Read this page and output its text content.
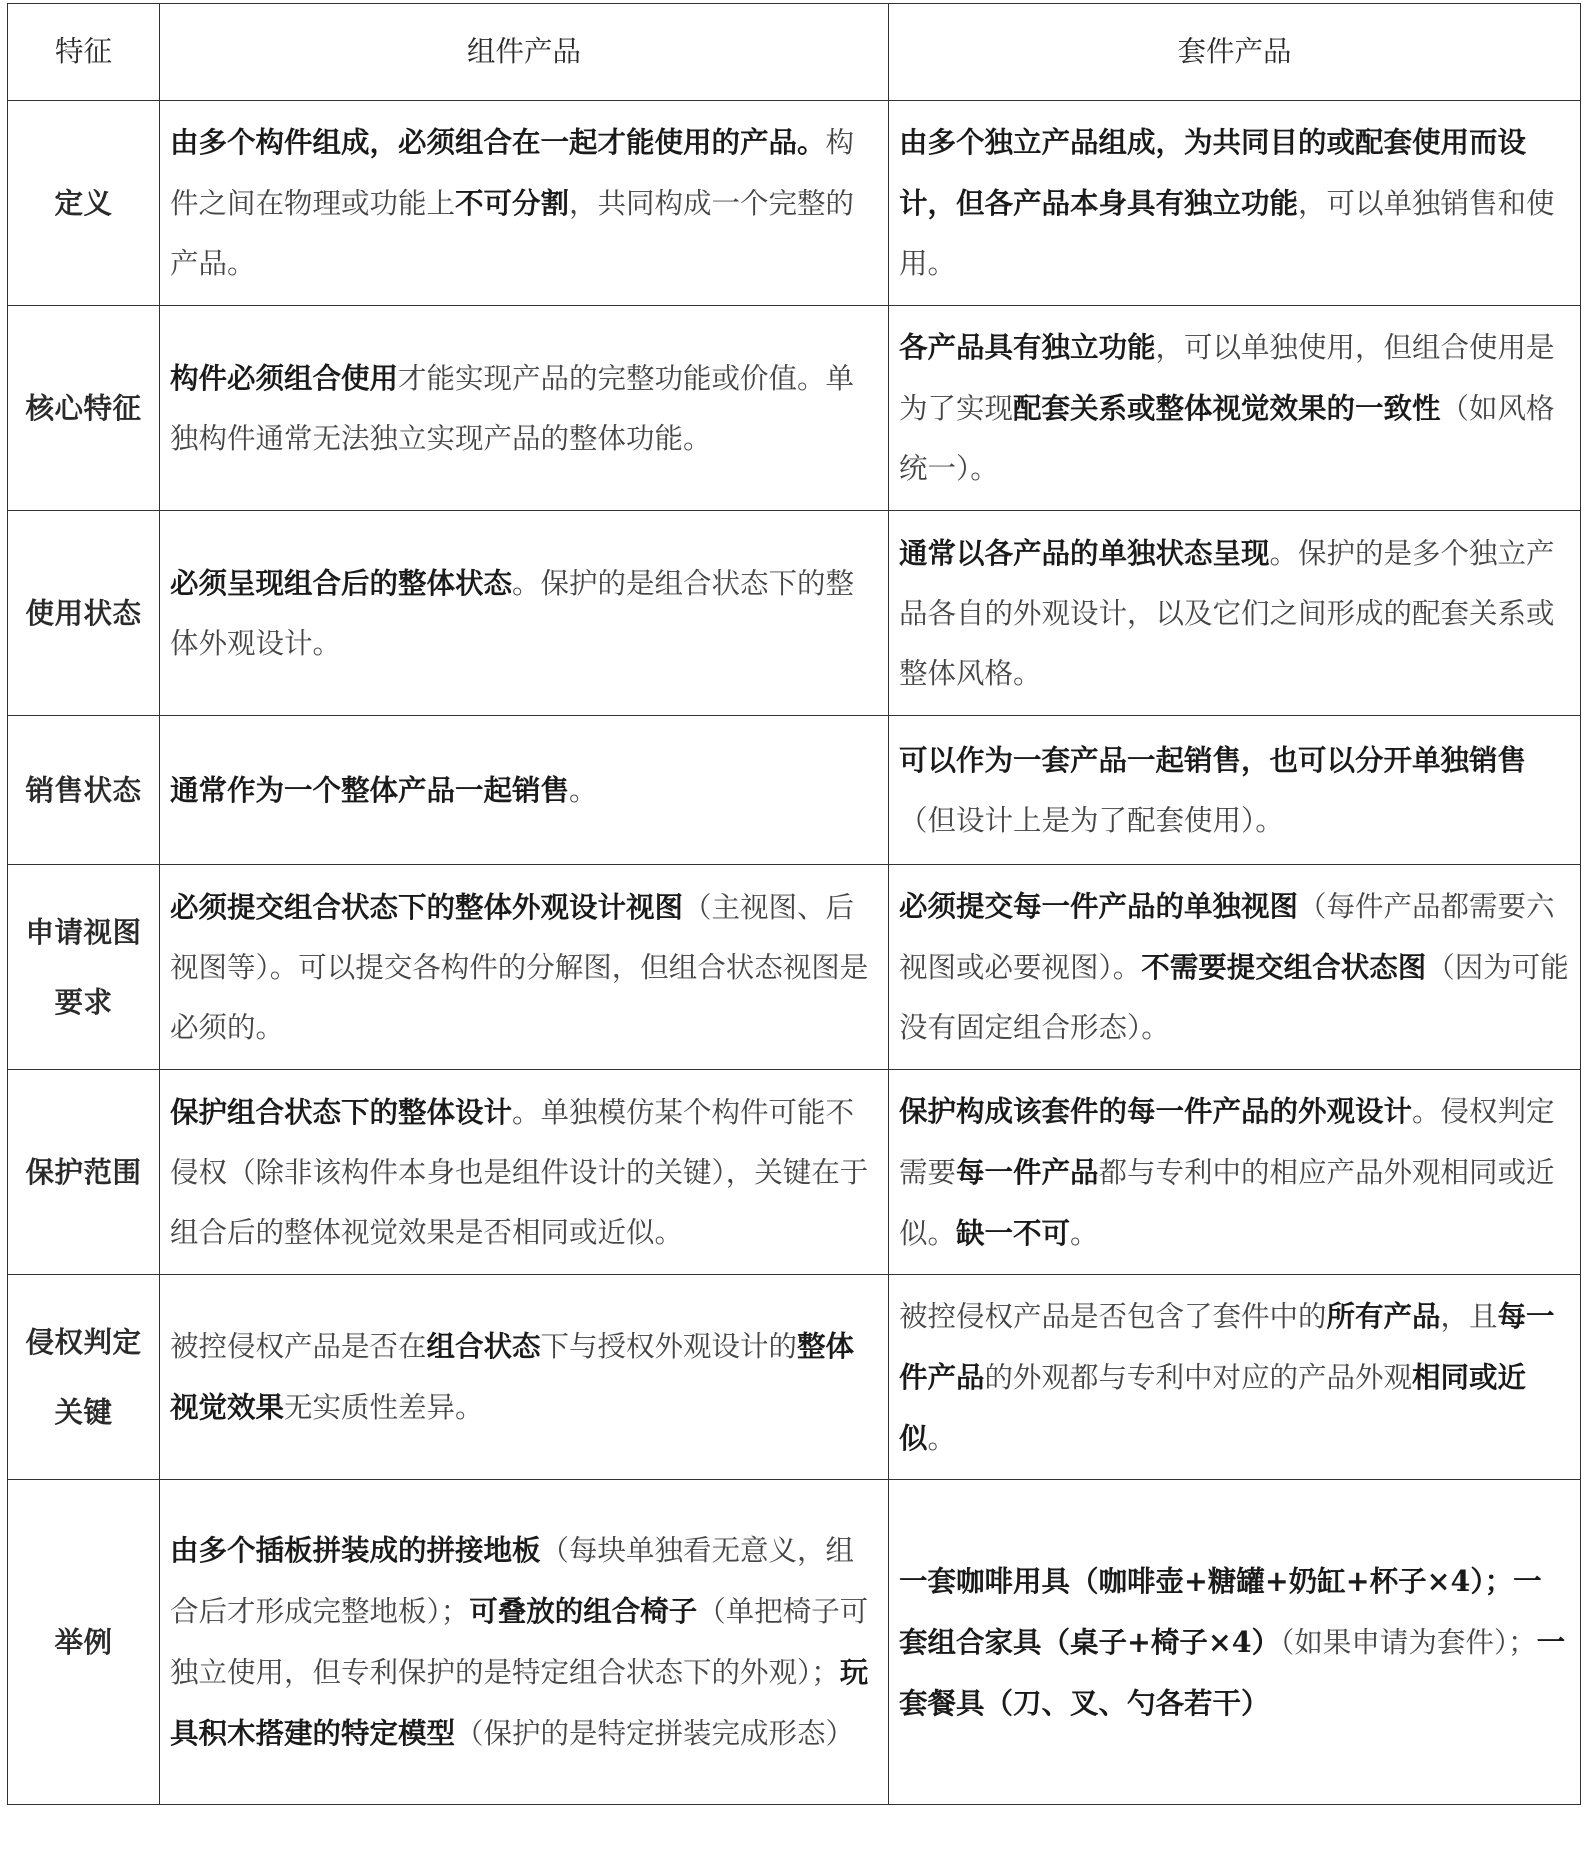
特征	组件产品	套件产品
定义	由多个构件组成，必须组合在一起才能使用的产品。构件之间在物理或功能上不可分割，共同构成一个完整的产品。	由多个独立产品组成，为共同目的或配套使用而设计，但各产品本身具有独立功能，可以单独销售和使用。
核心特征	构件必须组合使用才能实现产品的完整功能或价值。单独构件通常无法独立实现产品的整体功能。	各产品具有独立功能，可以单独使用，但组合使用是为了实现配套关系或整体视觉效果的一致性（如风格统一）。
使用状态	必须呈现组合后的整体状态。保护的是组合状态下的整体外观设计。	通常以各产品的单独状态呈现。保护的是多个独立产品各自的外观设计，以及它们之间形成的配套关系或整体风格。
销售状态	通常作为一个整体产品一起销售。	可以作为一套产品一起销售，也可以分开单独销售（但设计上是为了配套使用）。
申请视图要求	必须提交组合状态下的整体外观设计视图（主视图、后视图等）。可以提交各构件的分解图，但组合状态视图是必须的。	必须提交每一件产品的单独视图（每件产品都需要六视图或必要视图）。不需要提交组合状态图（因为可能没有固定组合形态）。
保护范围	保护组合状态下的整体设计。单独模仿某个构件可能不侵权（除非该构件本身也是组件设计的关键），关键在于组合后的整体视觉效果是否相同或近似。	保护构成该套件的每一件产品的外观设计。侵权判定需要每一件产品都与专利中的相应产品外观相同或近似。缺一不可。
侵权判定关键	被控侵权产品是否在组合状态下与授权外观设计的整体视觉效果无实质性差异。	被控侵权产品是否包含了套件中的所有产品，且每一件产品的外观都与专利中对应的产品外观相同或近似。
举例	由多个插板拼装成的拼接地板（每块单独看无意义，组合后才形成完整地板）；可叠放的组合椅子（单把椅子可独立使用，但专利保护的是特定组合状态下的外观）；玩具积木搭建的特定模型（保护的是特定拼装完成形态）	一套咖啡用具（咖啡壶+糖罐+奶缸+杯子×4）；一套组合家具（桌子+椅子×4）（如果申请为套件）；一套餐具（刀、叉、勺各若干）
